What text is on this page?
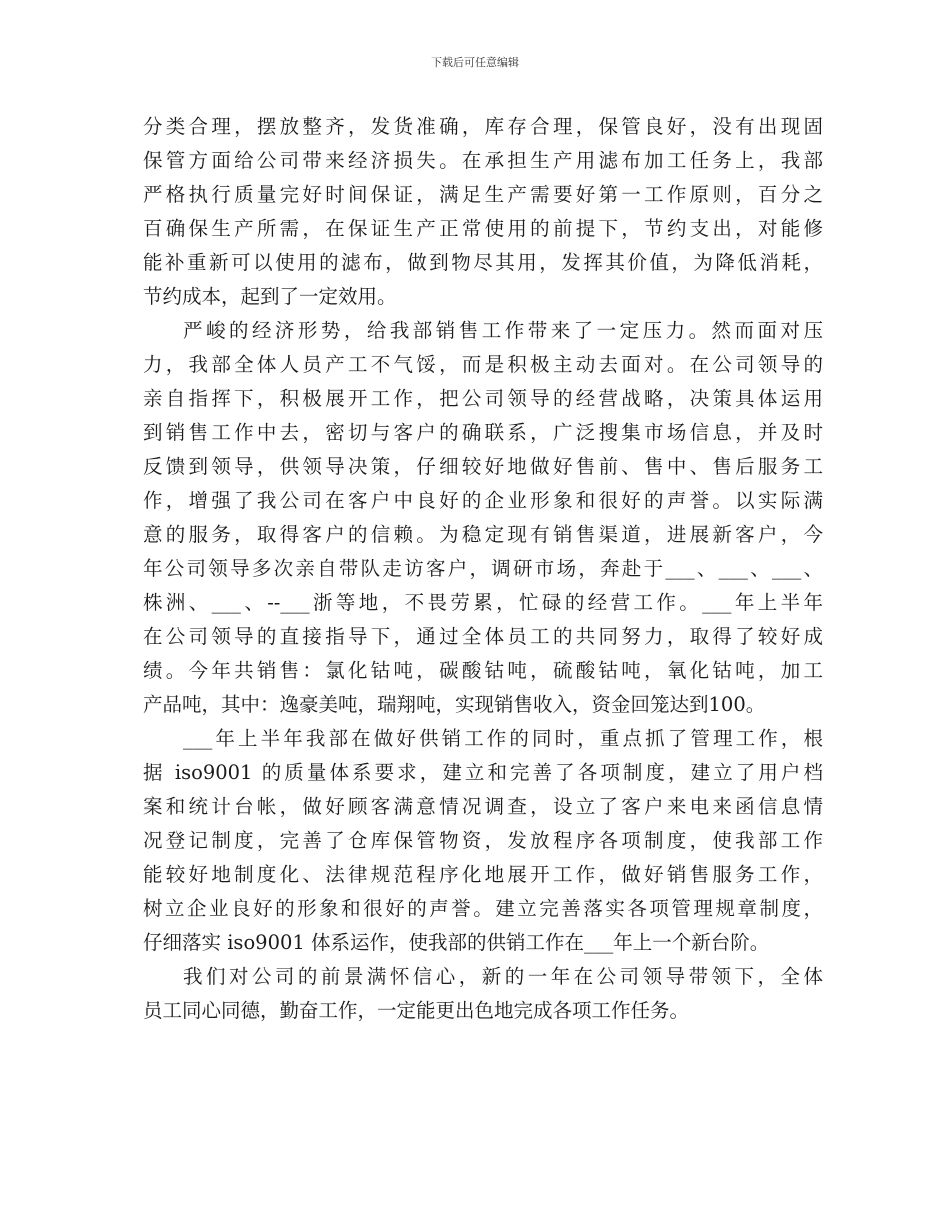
下载后可任意编辑
分类合理，摆放整齐，发货准确，库存合理，保管良好，没有出现固
保管方面给公司带来经济损失。在承担生产用滤布加工任务上，我部
严格执行质量完好时间保证，满足生产需要好第一工作原则，百分之
百确保生产所需，在保证生产正常使用的前提下，节约支出，对能修
能补重新可以使用的滤布，做到物尽其用，发挥其价值，为降低消耗，
节约成本，起到了一定效用。
严峻的经济形势，给我部销售工作带来了一定压力。然而面对压
力，我部全体人员产工不气馁，而是积极主动去面对。在公司领导的
亲自指挥下，积极展开工作，把公司领导的经营战略，决策具体运用
到销售工作中去，密切与客户的确联系，广泛搜集市场信息，并及时
反馈到领导，供领导决策，仔细较好地做好售前、售中、售后服务工
作，增强了我公司在客户中良好的企业形象和很好的声誉。以实际满
意的服务，取得客户的信赖。为稳定现有销售渠道，进展新客户，今
年公司领导多次亲自带队走访客户，调研市场，奔赴于___、___、___、
株洲、___、--___浙等地，不畏劳累，忙碌的经营工作。___年上半年
在公司领导的直接指导下，通过全体员工的共同努力，取得了较好成
绩。今年共销售：氯化钴吨，碳酸钴吨，硫酸钴吨，氧化钴吨，加工
产品吨，其中：逸豪美吨，瑞翔吨，实现销售收入，资金回笼达到100。
___年上半年我部在做好供销工作的同时，重点抓了管理工作，根
据 iso9001 的质量体系要求，建立和完善了各项制度，建立了用户档
案和统计台帐，做好顾客满意情况调查，设立了客户来电来函信息情
况登记制度，完善了仓库保管物资，发放程序各项制度，使我部工作
能较好地制度化、法律规范程序化地展开工作，做好销售服务工作，
树立企业良好的形象和很好的声誉。建立完善落实各项管理规章制度，
仔细落实 iso9001 体系运作，使我部的供销工作在___年上一个新台阶。
我们对公司的前景满怀信心，新的一年在公司领导带领下，全体
员工同心同德，勤奋工作，一定能更出色地完成各项工作任务。
